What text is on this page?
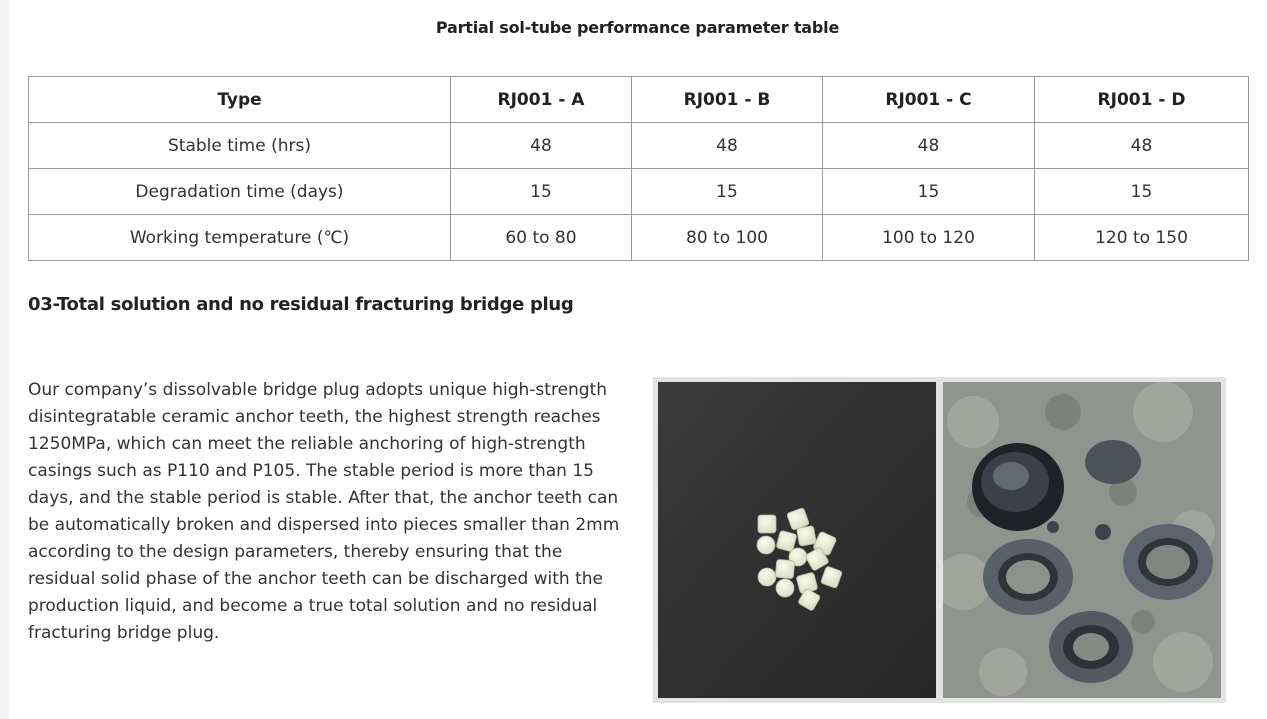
Partial sol-tube performance parameter table
Type	RJ001 - A	RJ001 - B	RJ001 - C	RJ001 - D
Stable time (hrs)	48	48	48	48
Degradation time (days)	15	15	15	15
Working temperature (℃)	60 to 80	80 to 100	100 to 120	120 to 150
03-Total solution and no residual fracturing bridge plug

Our company’s dissolvable bridge plug adopts unique high-strength disintegratable ceramic anchor teeth, the highest strength reaches 1250MPa, which can meet the reliable anchoring of high-strength casings such as P110 and P105. The stable period is more than 15 days, and the stable period is stable. After that, the anchor teeth can be automatically broken and dispersed into pieces smaller than 2mm according to the design parameters, thereby ensuring that the residual solid phase of the anchor teeth can be discharged with the production liquid, and become a true total solution and no residual fracturing bridge plug.
